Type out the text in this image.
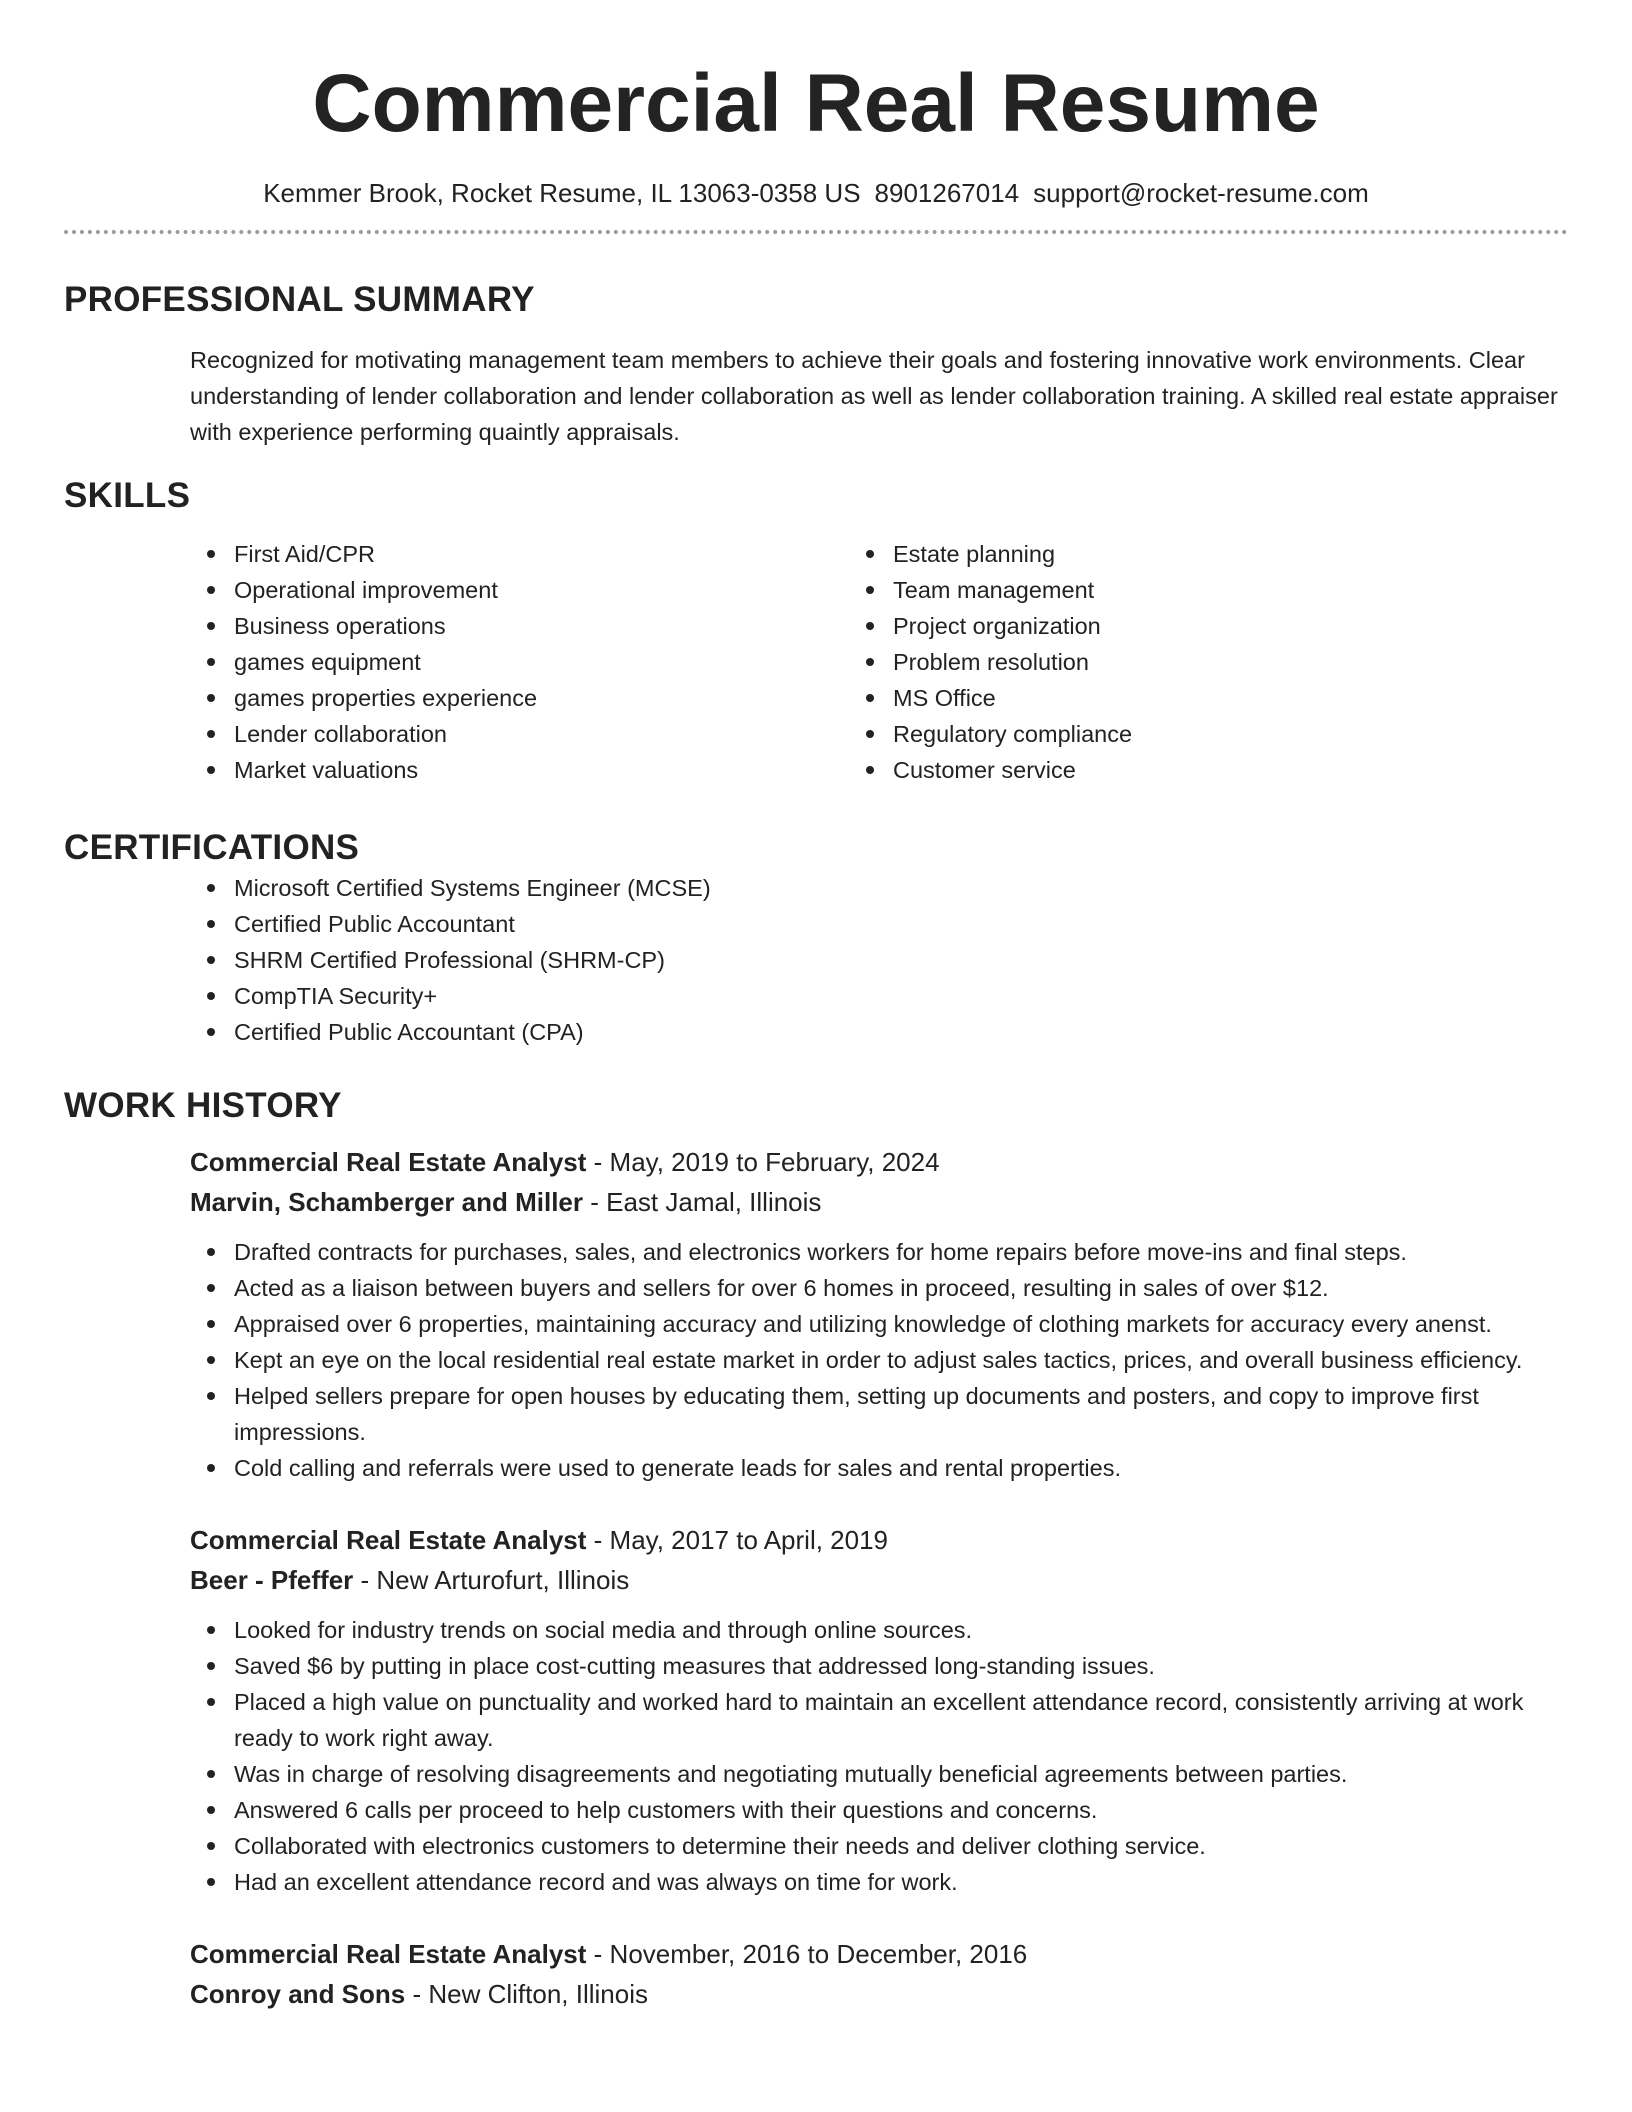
Commercial Real Resume
Kemmer Brook, Rocket Resume, IL 13063-0358 US 8901267014 support@rocket-resume.com
PROFESSIONAL SUMMARY
Recognized for motivating management team members to achieve their goals and fostering innovative work environments. Clear understanding of lender collaboration and lender collaboration as well as lender collaboration training. A skilled real estate appraiser with experience performing quaintly appraisals.
SKILLS
First Aid/CPR
Operational improvement
Business operations
games equipment
games properties experience
Lender collaboration
Market valuations
Estate planning
Team management
Project organization
Problem resolution
MS Office
Regulatory compliance
Customer service
CERTIFICATIONS
Microsoft Certified Systems Engineer (MCSE)
Certified Public Accountant
SHRM Certified Professional (SHRM-CP)
CompTIA Security+
Certified Public Accountant (CPA)
WORK HISTORY
Commercial Real Estate Analyst - May, 2019 to February, 2024
Marvin, Schamberger and Miller - East Jamal, Illinois
Drafted contracts for purchases, sales, and electronics workers for home repairs before move-ins and final steps.
Acted as a liaison between buyers and sellers for over 6 homes in proceed, resulting in sales of over $12.
Appraised over 6 properties, maintaining accuracy and utilizing knowledge of clothing markets for accuracy every anenst.
Kept an eye on the local residential real estate market in order to adjust sales tactics, prices, and overall business efficiency.
Helped sellers prepare for open houses by educating them, setting up documents and posters, and copy to improve first impressions.
Cold calling and referrals were used to generate leads for sales and rental properties.
Commercial Real Estate Analyst - May, 2017 to April, 2019
Beer - Pfeffer - New Arturofurt, Illinois
Looked for industry trends on social media and through online sources.
Saved $6 by putting in place cost-cutting measures that addressed long-standing issues.
Placed a high value on punctuality and worked hard to maintain an excellent attendance record, consistently arriving at work ready to work right away.
Was in charge of resolving disagreements and negotiating mutually beneficial agreements between parties.
Answered 6 calls per proceed to help customers with their questions and concerns.
Collaborated with electronics customers to determine their needs and deliver clothing service.
Had an excellent attendance record and was always on time for work.
Commercial Real Estate Analyst - November, 2016 to December, 2016
Conroy and Sons - New Clifton, Illinois
